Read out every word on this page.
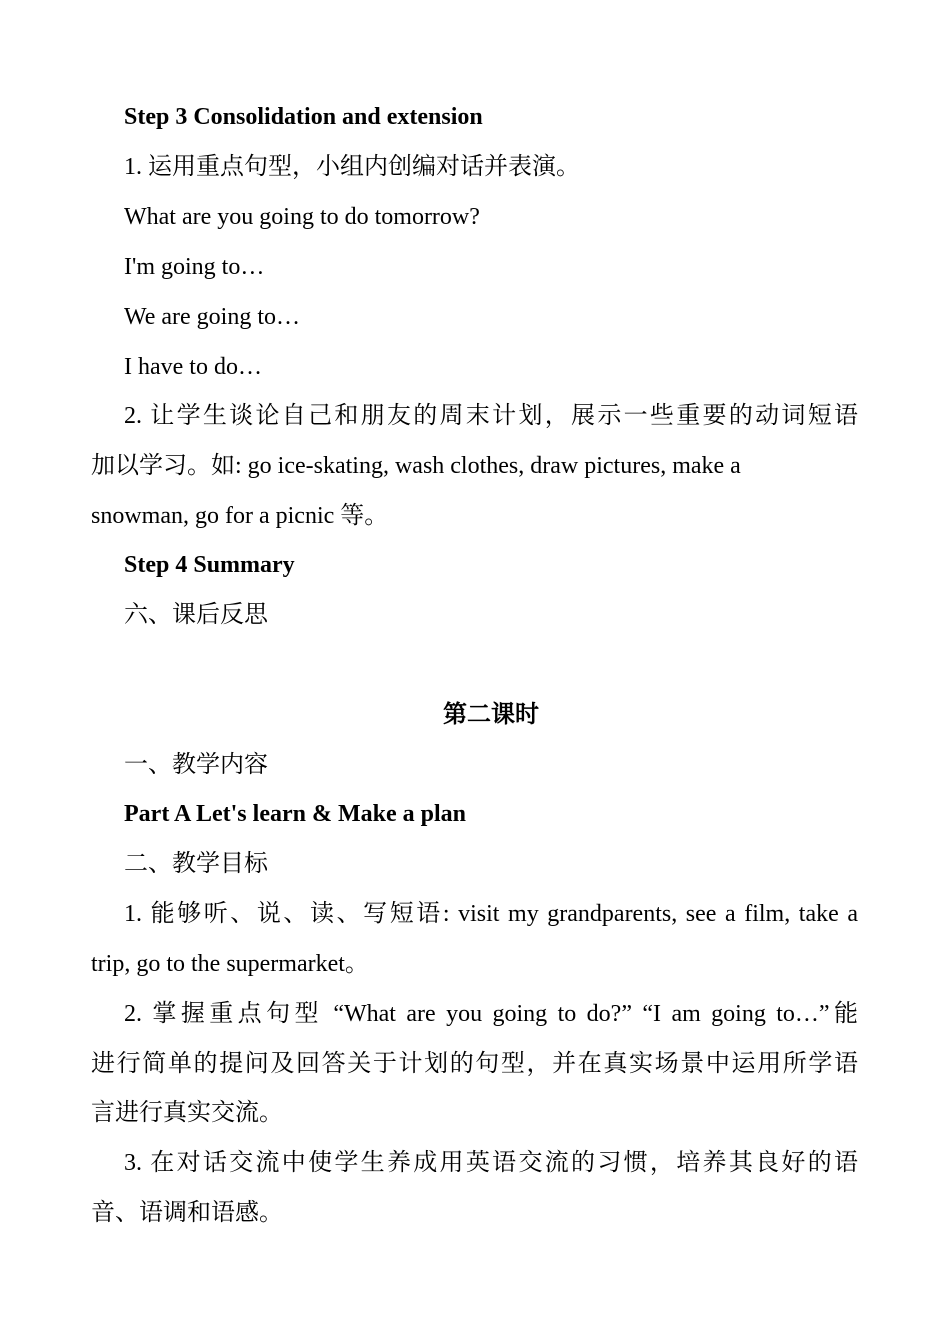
Step 3 Consolidation and extension
1. 运用重点句型，小组内创编对话并表演。
What are you going to do tomorrow?
I'm going to…
We are going to…
I have to do…
2. 让学生谈论自己和朋友的周末计划，展示一些重要的动词短语
加以学习。如: go ice-skating, wash clothes, draw pictures, make a
snowman, go for a picnic 等。
Step 4 Summary
六、课后反思
第二课时
一、教学内容
Part A Let's learn & Make a plan
二、教学目标
1. 能够听、说、读、写短语: visit my grandparents, see a film, take a
trip, go to the supermarket。
2. 掌握重点句型 “What are you going to do?” “I am going to…”能
进行简单的提问及回答关于计划的句型，并在真实场景中运用所学语
言进行真实交流。
3. 在对话交流中使学生养成用英语交流的习惯，培养其良好的语
音、语调和语感。
